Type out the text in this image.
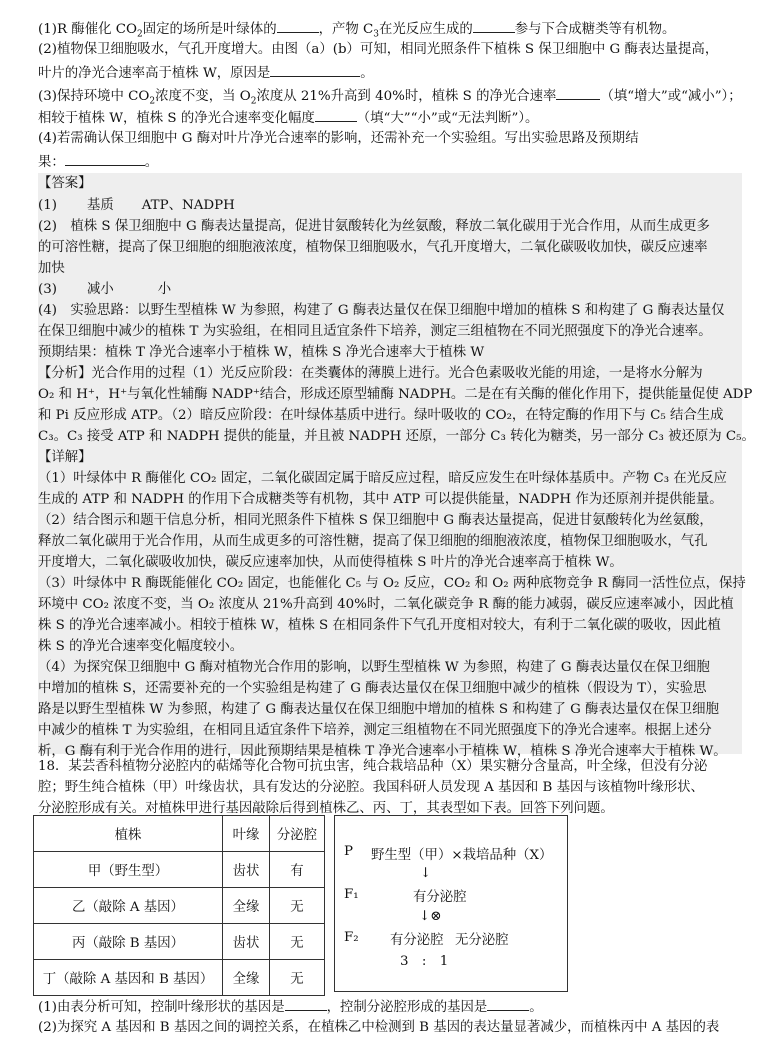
(1)R 酶催化 $CO_2$固定的场所是叶绿体的	，产物 $C_3$在光反应生成的	参与下合成糖类等有机物。
(2)植物保卫细胞吸水，气孔开度增大。由图（a）(b）可知，相同光照条件下植株 S 保卫细胞中 G 酶表达量提高，
叶片的净光合速率高于植株 W，原因是	。
(3)保持环境中 $CO_2$浓度不变，当 $O_2$浓度从 21%升高到 40%时，植株 S 的净光合速率	（填“增大”或“减小”）；
相较于植株 W，植株 S 的净光合速率变化幅度	（填“大”“小”或“无法判断”）。
(4)若需确认保卫细胞中 G 酶对叶片净光合速率的影响，还需补充一个实验组。写出实验思路及预期结
果：	。
【答案】
(1) 基质 ATP、NADPH
(2)　植株 S 保卫细胞中 G 酶表达量提高，促进甘氨酸转化为丝氨酸，释放二氧化碳用于光合作用，从而生成更多
的可溶性糖，提高了保卫细胞的细胞液浓度，植物保卫细胞吸水，气孔开度增大，二氧化碳吸收加快，碳反应速率
加快
(3) 减小	小
(4)　实验思路：以野生型植株 W 为参照，构建了 G 酶表达量仅在保卫细胞中增加的植株 S 和构建了 G 酶表达量仅
在保卫细胞中减少的植株 T 为实验组，在相同且适宜条件下培养，测定三组植物在不同光照强度下的净光合速率。
预期结果：植株 T 净光合速率小于植株 W，植株 S 净光合速率大于植株 W
【分析】光合作用的过程（1）光反应阶段：在类囊体的薄膜上进行。光合色素吸收光能的用途，一是将水分解为
O₂ 和 H⁺，H⁺与氧化性辅酶 NADP⁺结合，形成还原型辅酶 NADPH。二是在有关酶的催化作用下，提供能量促使 ADP
和 Pi 反应形成 ATP。（2）暗反应阶段：在叶绿体基质中进行。绿叶吸收的 CO₂，在特定酶的作用下与 C₅ 结合生成
C₃。C₃ 接受 ATP 和 NADPH 提供的能量，并且被 NADPH 还原，一部分 C₃ 转化为糖类，另一部分 C₃ 被还原为 C₅。
【详解】
（1）叶绿体中 R 酶催化 CO₂ 固定，二氧化碳固定属于暗反应过程，暗反应发生在叶绿体基质中。产物 C₃ 在光反应
生成的 ATP 和 NADPH 的作用下合成糖类等有机物，其中 ATP 可以提供能量，NADPH 作为还原剂并提供能量。
（2）结合图示和题干信息分析，相同光照条件下植株 S 保卫细胞中 G 酶表达量提高，促进甘氨酸转化为丝氨酸，
释放二氧化碳用于光合作用，从而生成更多的可溶性糖，提高了保卫细胞的细胞液浓度，植物保卫细胞吸水，气孔
开度增大，二氧化碳吸收加快，碳反应速率加快，从而使得植株 S 叶片的净光合速率高于植株 W。
（3）叶绿体中 R 酶既能催化 CO₂ 固定，也能催化 C₅ 与 O₂ 反应，CO₂ 和 O₂ 两种底物竞争 R 酶同一活性位点，保持
环境中 CO₂ 浓度不变，当 O₂ 浓度从 21%升高到 40%时，二氧化碳竞争 R 酶的能力减弱，碳反应速率减小，因此植
株 S 的净光合速率减小。相较于植株 W，植株 S 在相同条件下气孔开度相对较大，有利于二氧化碳的吸收，因此植
株 S 的净光合速率变化幅度较小。
（4）为探究保卫细胞中 G 酶对植物光合作用的影响，以野生型植株 W 为参照，构建了 G 酶表达量仅在保卫细胞
中增加的植株 S，还需要补充的一个实验组是构建了 G 酶表达量仅在保卫细胞中减少的植株（假设为 T），实验思
路是以野生型植株 W 为参照，构建了 G 酶表达量仅在保卫细胞中增加的植株 S 和构建了 G 酶表达量仅在保卫细胞
中减少的植株 T 为实验组，在相同且适宜条件下培养，测定三组植物在不同光照强度下的净光合速率。根据上述分
析，G 酶有利于光合作用的进行，因此预期结果是植株 T 净光合速率小于植株 W，植株 S 净光合速率大于植株 W。
18．某芸香科植物分泌腔内的萜烯等化合物可抗虫害，纯合栽培品种（X）果实糖分含量高，叶全缘，但没有分泌
腔；野生纯合植株（甲）叶缘齿状，具有发达的分泌腔。我国科研人员发现 A 基因和 B 基因与该植物叶缘形状、
分泌腔形成有关。对植株甲进行基因敲除后得到植株乙、丙、丁，其表型如下表。回答下列问题。
植株	叶缘	分泌腔
甲（野生型）	齿状	有
乙（敲除 A 基因）	全缘	无
丙（敲除 B 基因）	齿状	无
丁（敲除 A 基因和 B 基因）	全缘	无
P 野生型（甲）×栽培品种（X）
↓
F₁	有分泌腔
↓⊗
F₂ 有分泌腔 无分泌腔
3　:　1
(1)由表分析可知，控制叶缘形状的基因是	，控制分泌腔形成的基因是	。
(2)为探究 A 基因和 B 基因之间的调控关系，在植株乙中检测到 B 基因的表达量显著减少，而植株丙中 A 基因的表
